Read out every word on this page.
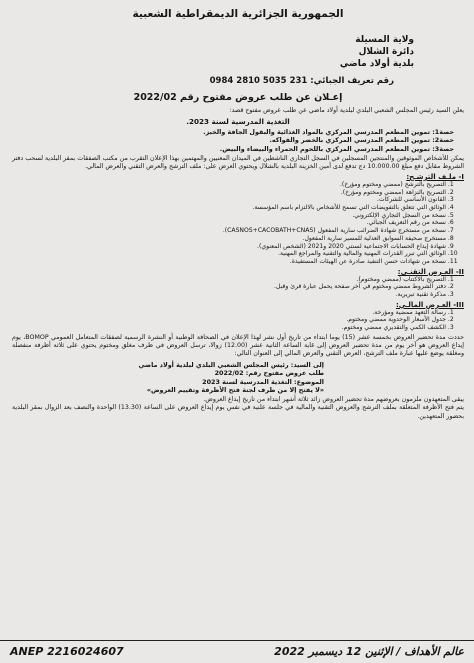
الجمهورية الجزائرية الديمقراطية الشعبية
ولاية المسيلة
دائرة الشلال
بلدية أولاد ماضي
رقم تعريف الجبائي: 231 5035 2810 0984
إعـلان عن طلب عروض مفتوح رقم 2022/02

يعلن السيد رئيس المجلس الشعبي البلدي لبلدية أولاد ماضي عن طلب عروض مفتوح قصد:

التغذية المدرسية لسنة 2023.
حصة1: تموين المطعم المدرسي المركزي بالمواد الغذائية والبقول الجافة والخبز.
حصة2: تموين المطعم المدرسي المركزي بالخضر والفواكه.
حصة3: تموين المطعم المدرسي المركزي باللحوم الحمراء والبيضاء والبيض.

يمكن للأشخاص الموثوقين والمنتجين المسجلين في السجل التجاري الناشطين في الميدان المعنيين والمهتمين بهذا الإعلان التقرب من مكتب الصفقات بمقر البلدية لسحب دفتر الشروط مقابل دفع مبلغ 10.000.00 دج تدفع لدى أمين الخزينة البلدية بالشلال ويحتوي العرض على: ملف الترشح والعرض التقني والعرض المالي.

I- ملـف الترشـح:
1. التصريح بالترشح (ممضي ومختوم ومؤرخ).
2. التصريح بالنزاهة (ممضي ومختوم ومؤرخ).
3. القانون الأساسي للشركات.
4. الوثائق التي تتعلق بالتفويضات التي تسمح للأشخاص بالالتزام باسم المؤسسة.
5. نسخة من السجل التجاري الإلكتروني.
6. نسخة من رقم التعريف الجبائي.
7. نسخة من مستخرج شهادة الضرائب سارية المفعول (CASNOS+CACOBATH+CNAS).
8. مستخرج صحيفة السوابق العدلية للمسير سارية المفعول.
9. شهادة إيداع الحسابات الاجتماعية لسنتي 2020 و2021 (الشخص المعنوي).
10. الوثائق التي تبرر القدرات المهنية والمالية والتقنية والمراجع المهنية.
11. نسخة من شهادات حسن التنفيذ صادرة عن الهيئات المستفيدة.
II- العـرض التقنـي:
1. التصريح بالاكتتاب (ممضي ومختوم).
2. دفتر الشروط ممضي ومختوم في آخر صفحة يحمل عبارة قرئ وقبل.
3. مذكرة تقنية تبريرية.
III- العـرض المالـي:
1. رسالة التعهد ممضية ومؤرخة.
2. جدول الأسعار الوحدوية ممضي ومختوم.
3. الكشف الكمي والتقديري ممضي ومختوم.

حددت مدة تحضير العروض بخمسة عشر (15) يوما ابتداء من تاريخ أول نشر لهذا الإعلان في الصحافة الوطنية أو النشرة الرسمية لصفقات المتعامل العمومي BOMOP، يوم إيداع العروض هو آخر يوم من مدة تحضير العروض إلى غاية الساعة الثانية عشر (12.00) زوالا، ترسل العروض في ظرف مغلق ومختوم يحتوي على ثلاثة أظرفة منفصلة ومغلقة يوضع عليها عبارة ملف الترشح، العرض التقني والعرض المالي إلى العنوان التالي:

إلى السيد: رئيس المجلس الشعبي البلدي لبلدية أولاد ماضي
طلب عروض مفتوح رقم: 2022/02
الموضوع: التغذية المدرسية لسنة 2023
«لا يفتح إلا من طرف لجنة فتح الأظرفة وتقييم العروض»

يبقى المتعهدون ملزمون بعروضهم مدة تحضير العروض زائد ثلاثة أشهر ابتداء من تاريخ إيداع العروض.

يتم فتح الأظرفة المتعلقة بملف الترشح والعروض التقنية والمالية في جلسة علنية في نفس يوم إيداع العروض على الساعة (13.30) الواحدة والنصف بعد الزوال بمقر البلدية بحضور المتعهدين.

ANEP 2216024607	عالم الأهداف / الإثنين 12 ديسمبر 2022
